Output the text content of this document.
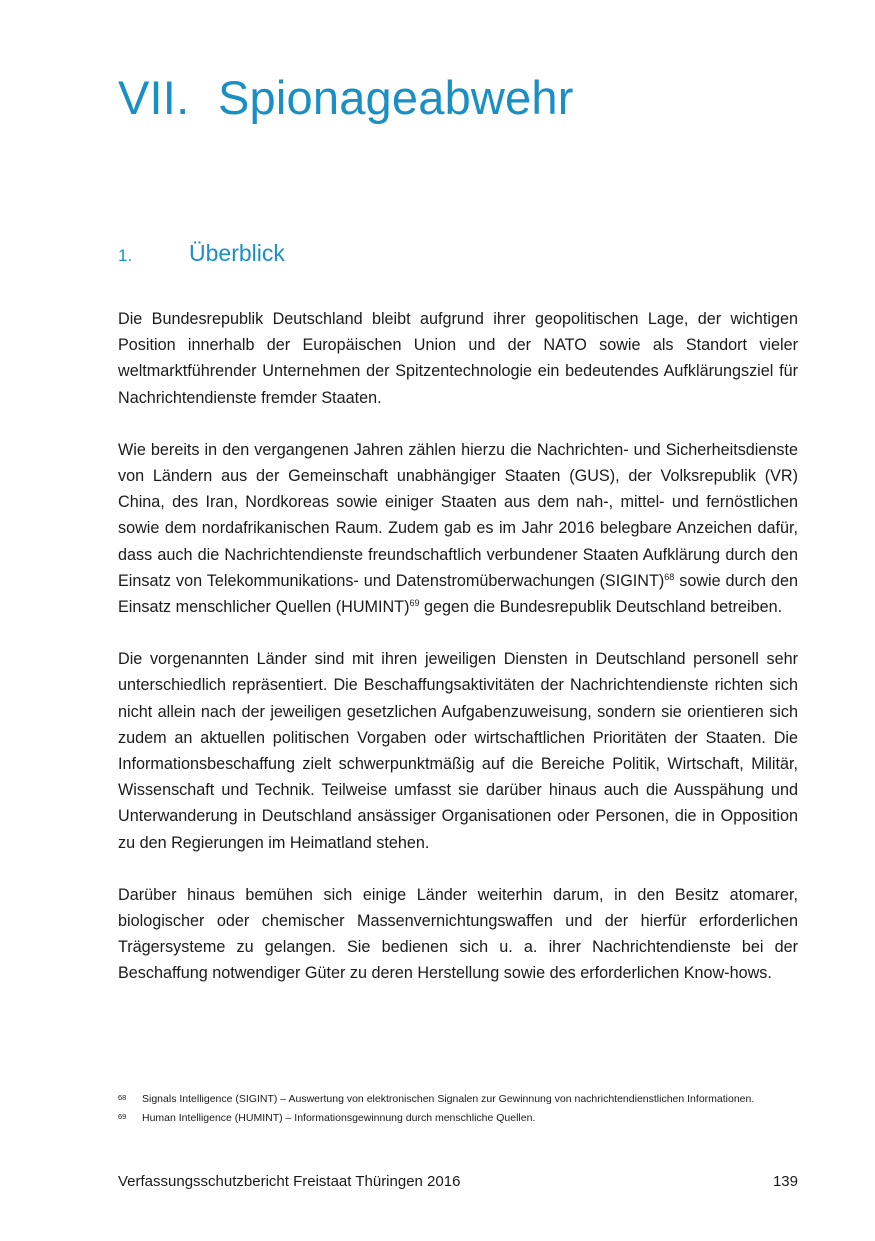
VII. Spionageabwehr
1. Überblick

Die Bundesrepublik Deutschland bleibt aufgrund ihrer geopolitischen Lage, der wichtigen Position innerhalb der Europäischen Union und der NATO sowie als Standort vieler weltmarktführender Unternehmen der Spitzentechnologie ein bedeutendes Aufklärungsziel für Nachrichtendienste fremder Staaten.

Wie bereits in den vergangenen Jahren zählen hierzu die Nachrichten- und Sicherheitsdienste von Ländern aus der Gemeinschaft unabhängiger Staaten (GUS), der Volksrepublik (VR) China, des Iran, Nordkoreas sowie einiger Staaten aus dem nah-, mittel- und fernöstlichen sowie dem nordafrikanischen Raum. Zudem gab es im Jahr 2016 belegbare Anzeichen dafür, dass auch die Nachrichtendienste freundschaftlich verbundener Staaten Aufklärung durch den Einsatz von Telekommunikations- und Datenstromüberwachungen (SIGINT)$^{68}$ sowie durch den Einsatz menschlicher Quellen (HUMINT)$^{69}$ gegen die Bundesrepublik Deutschland betreiben.

Die vorgenannten Länder sind mit ihren jeweiligen Diensten in Deutschland personell sehr unterschiedlich repräsentiert. Die Beschaffungsaktivitäten der Nachrichtendienste richten sich nicht allein nach der jeweiligen gesetzlichen Aufgabenzuweisung, sondern sie orientieren sich zudem an aktuellen politischen Vorgaben oder wirtschaftlichen Prioritäten der Staaten. Die Informationsbeschaffung zielt schwerpunktmäßig auf die Bereiche Politik, Wirtschaft, Militär, Wissenschaft und Technik. Teilweise umfasst sie darüber hinaus auch die Ausspähung und Unterwanderung in Deutschland ansässiger Organisationen oder Personen, die in Opposition zu den Regierungen im Heimatland stehen.

Darüber hinaus bemühen sich einige Länder weiterhin darum, in den Besitz atomarer, biologischer oder chemischer Massenvernichtungswaffen und der hierfür erforderlichen Trägersysteme zu gelangen. Sie bedienen sich u. a. ihrer Nachrichtendienste bei der Beschaffung notwendiger Güter zu deren Herstellung sowie des erforderlichen Know-hows.

68	Signals Intelligence (SIGINT) – Auswertung von elektronischen Signalen zur Gewinnung von nachrichtendienstlichen Informationen.
69	Human Intelligence (HUMINT) – Informationsgewinnung durch menschliche Quellen.
Verfassungsschutzbericht Freistaat Thüringen 2016	139
